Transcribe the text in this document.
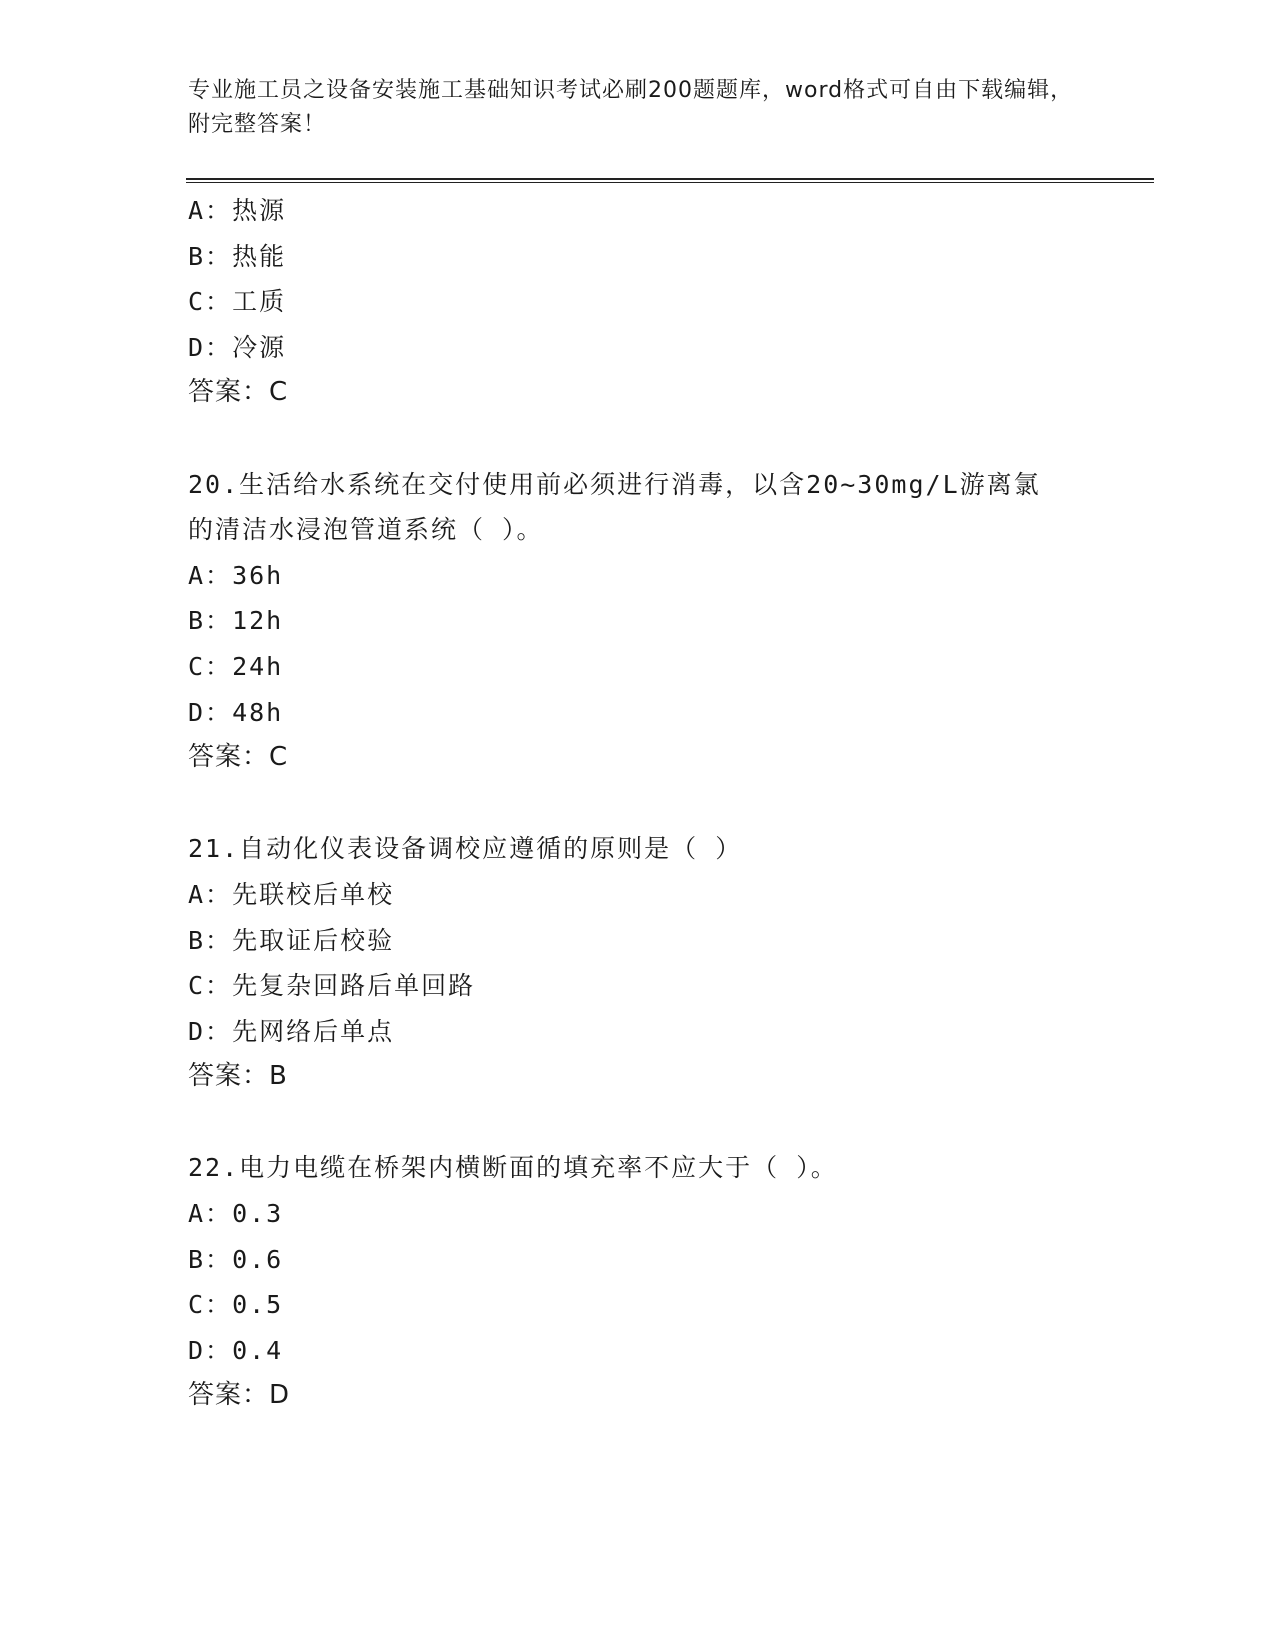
专业施工员之设备安装施工基础知识考试必刷200题题库，word格式可自由下载编辑，附完整答案！
A：热源
B：热能
C：工质
D：冷源
答案：C
20.生活给水系统在交付使用前必须进行消毒，以含20~30mg/L游离氯
的清洁水浸泡管道系统（ ）。
A：36h
B：12h
C：24h
D：48h
答案：C
21.自动化仪表设备调校应遵循的原则是（ ）
A：先联校后单校
B：先取证后校验
C：先复杂回路后单回路
D：先网络后单点
答案：B
22.电力电缆在桥架内横断面的填充率不应大于（ ）。
A：0.3
B：0.6
C：0.5
D：0.4
答案：D
